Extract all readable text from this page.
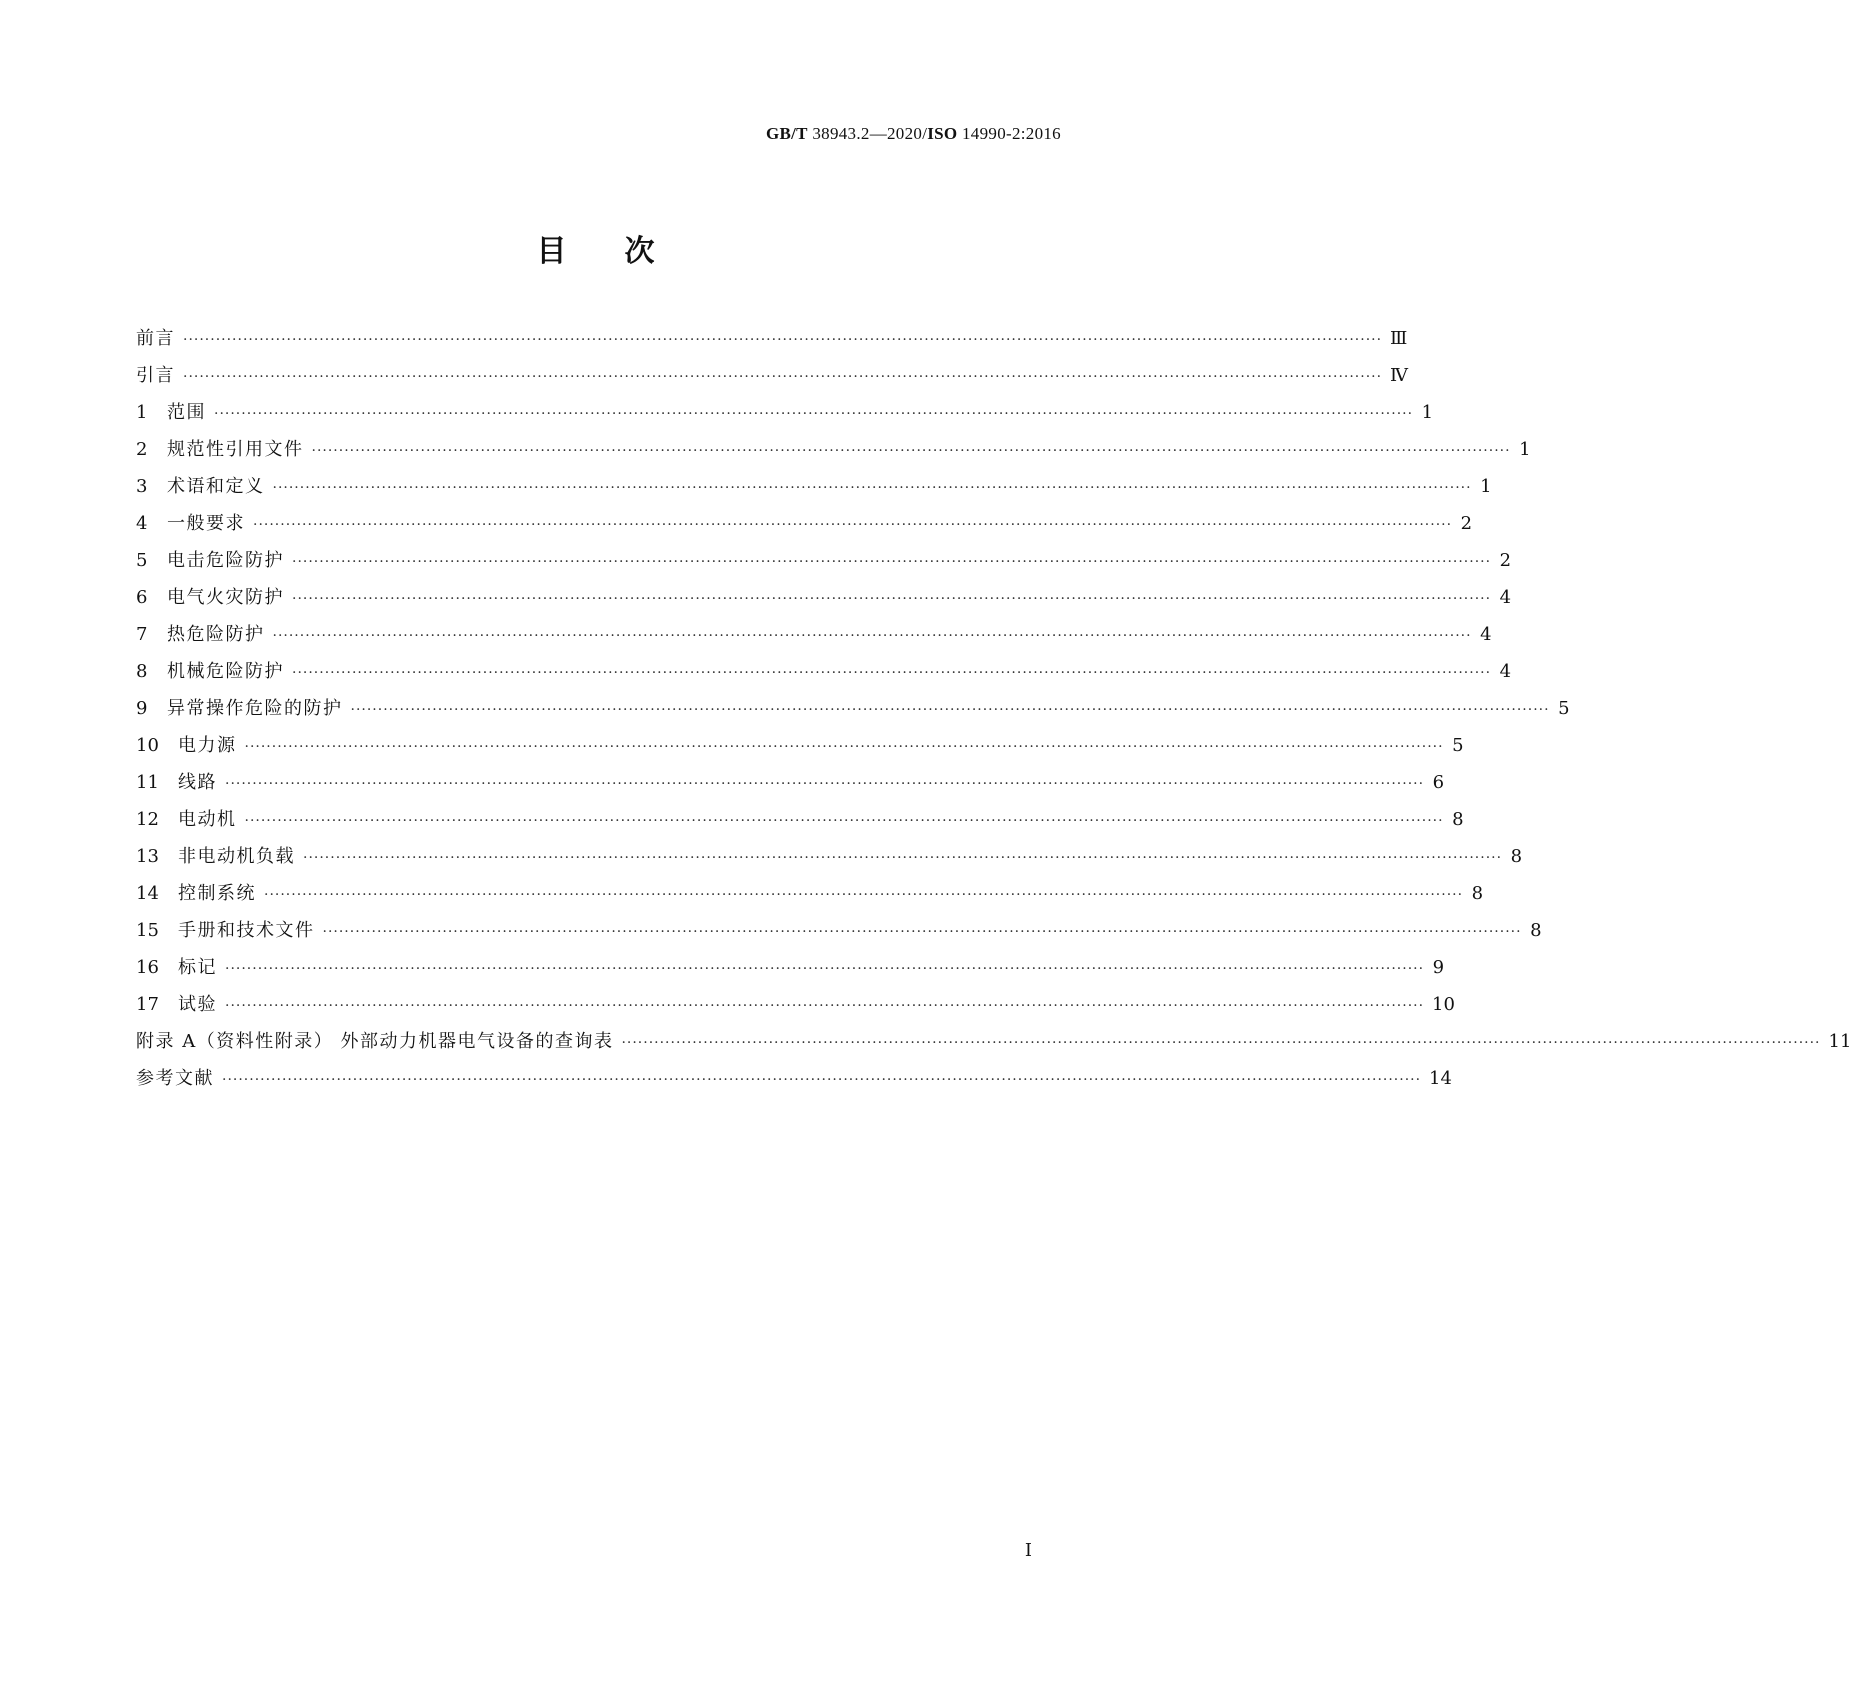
GB/T 38943.2—2020/ISO 14990-2:2016
目次
前言 ···························································································································································································································· Ⅲ
引言 ···························································································································································································································· Ⅳ
1	范围 ···························································································································································································································· 1
2	规范性引用文件 ···························································································································································································································· 1
3	术语和定义 ···························································································································································································································· 1
4	一般要求 ···························································································································································································································· 2
5	电击危险防护 ···························································································································································································································· 2
6	电气火灾防护 ···························································································································································································································· 4
7	热危险防护 ···························································································································································································································· 4
8	机械危险防护 ···························································································································································································································· 4
9	异常操作危险的防护 ···························································································································································································································· 5
10	电力源 ···························································································································································································································· 5
11	线路 ···························································································································································································································· 6
12	电动机 ···························································································································································································································· 8
13	非电动机负载 ···························································································································································································································· 8
14	控制系统 ···························································································································································································································· 8
15	手册和技术文件 ···························································································································································································································· 8
16	标记 ···························································································································································································································· 9
17	试验 ···························································································································································································································· 10
附录 A（资料性附录） 外部动力机器电气设备的查询表 ···························································································································································································································· 11
参考文献 ···························································································································································································································· 14
I
